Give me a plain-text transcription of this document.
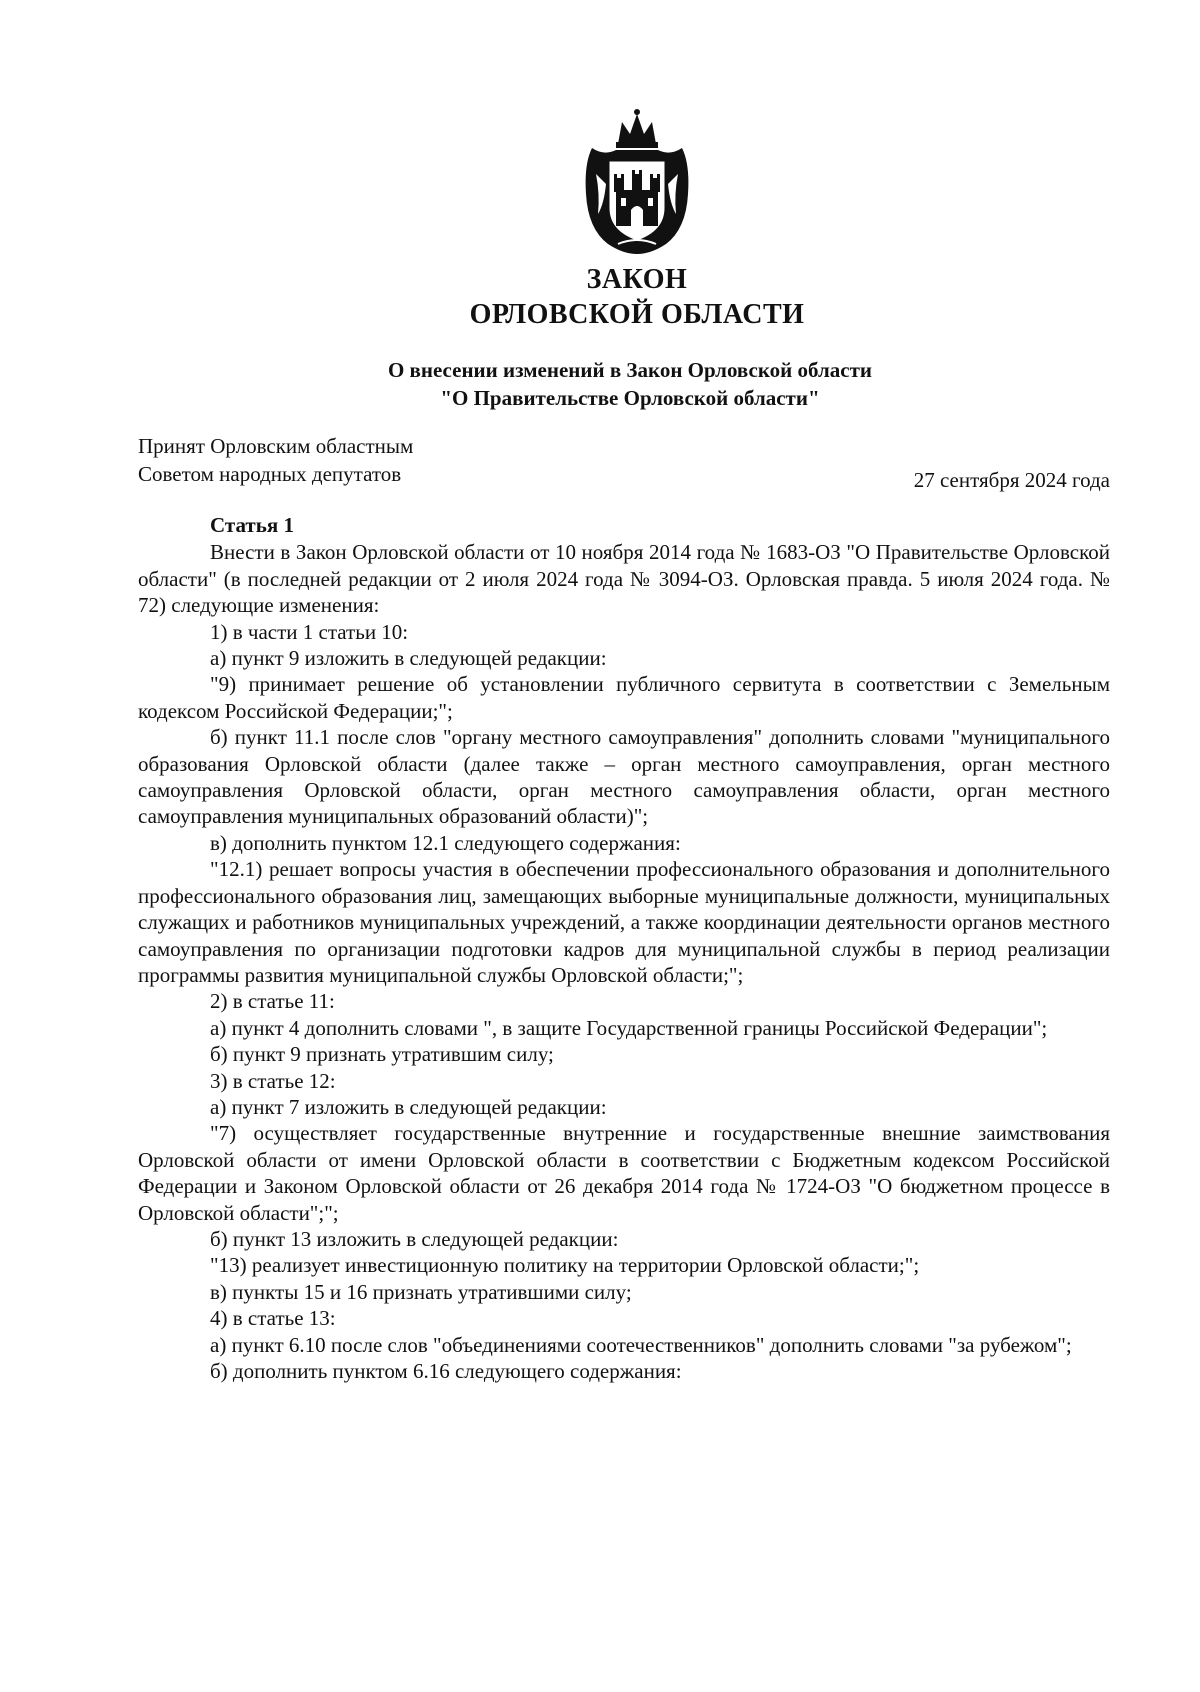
ЗАКОН
ОРЛОВСКОЙ ОБЛАСТИ
О внесении изменений в Закон Орловской области
"О Правительстве Орловской области"
Принят Орловским областным
Советом народных депутатов	27 сентября 2024 года
Статья 1

Внести в Закон Орловской области от 10 ноября 2014 года № 1683-ОЗ "О Правительстве Орловской области" (в последней редакции от 2 июля 2024 года № 3094-ОЗ. Орловская правда. 5 июля 2024 года. № 72) следующие изменения:

1) в части 1 статьи 10:

а) пункт 9 изложить в следующей редакции:

"9) принимает решение об установлении публичного сервитута в соответствии с Земельным кодексом Российской Федерации;";

б) пункт 11.1 после слов "органу местного самоуправления" дополнить словами "муниципального образования Орловской области (далее также – орган местного самоуправления, орган местного самоуправления Орловской области, орган местного самоуправления области, орган местного самоуправления муниципальных образований области)";

в) дополнить пунктом 12.1 следующего содержания:

"12.1) решает вопросы участия в обеспечении профессионального образования и дополнительного профессионального образования лиц, замещающих выборные муниципальные должности, муниципальных служащих и работников муниципальных учреждений, а также координации деятельности органов местного самоуправления по организации подготовки кадров для муниципальной службы в период реализации программы развития муниципальной службы Орловской области;";

2) в статье 11:

а) пункт 4 дополнить словами ", в защите Государственной границы Российской Федерации";

б) пункт 9 признать утратившим силу;

3) в статье 12:

а) пункт 7 изложить в следующей редакции:

"7) осуществляет государственные внутренние и государственные внешние заимствования Орловской области от имени Орловской области в соответствии с Бюджетным кодексом Российской Федерации и Законом Орловской области от 26 декабря 2014 года № 1724-ОЗ "О бюджетном процессе в Орловской области";";

б) пункт 13 изложить в следующей редакции:

"13) реализует инвестиционную политику на территории Орловской области;";

в) пункты 15 и 16 признать утратившими силу;

4) в статье 13:

а) пункт 6.10 после слов "объединениями соотечественников" дополнить словами "за рубежом";

б) дополнить пунктом 6.16 следующего содержания:
